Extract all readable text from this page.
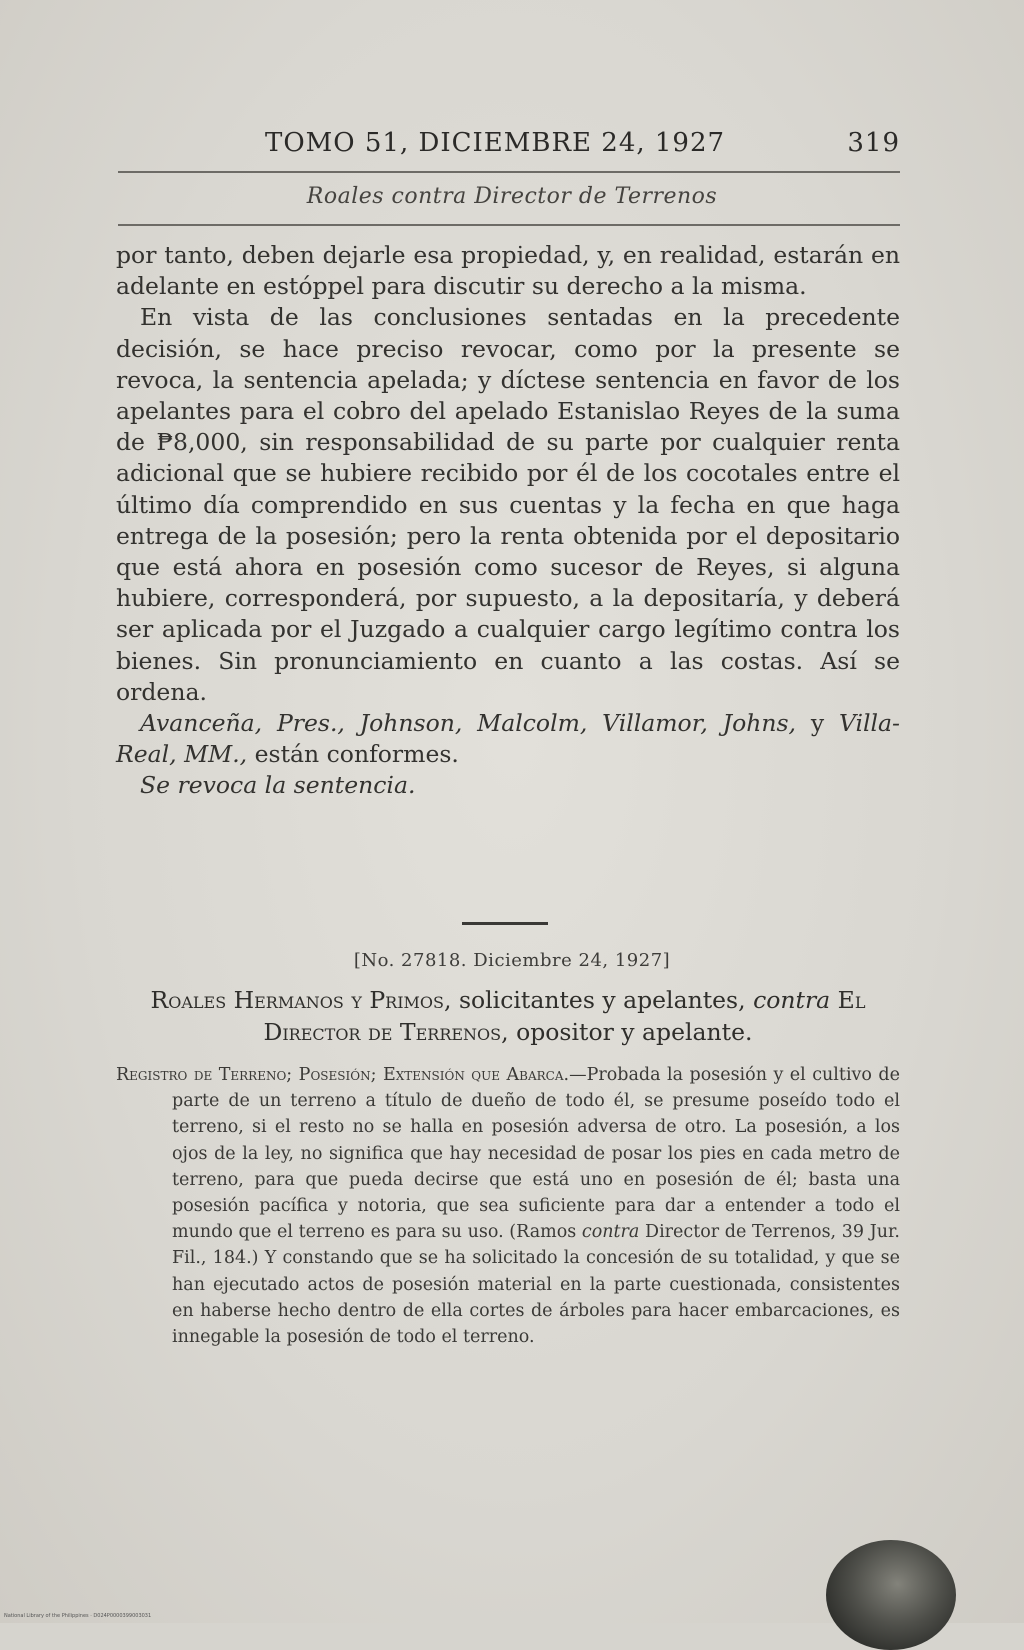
TOMO 51, DICIEMBRE 24, 1927	319
Roales contra Director de Terrenos

por tanto, deben dejarle esa propiedad, y, en realidad, estarán en adelante en estóppel para discutir su derecho a la misma.

En vista de las conclusiones sentadas en la precedente decisión, se hace preciso revocar, como por la presente se revoca, la sentencia apelada; y díctese sentencia en favor de los apelantes para el cobro del apelado Estanislao Reyes de la suma de ₱8,000, sin responsabilidad de su parte por cualquier renta adicional que se hubiere recibido por él de los cocotales entre el último día comprendido en sus cuentas y la fecha en que haga entrega de la posesión; pero la renta obtenida por el depositario que está ahora en posesión como sucesor de Reyes, si alguna hubiere, corresponderá, por supuesto, a la depositaría, y deberá ser aplicada por el Juzgado a cualquier cargo legítimo contra los bienes. Sin pronunciamiento en cuanto a las costas. Así se ordena.

Avanceña, Pres., Johnson, Malcolm, Villamor, Johns, y Villa-Real, MM., están conformes.

Se revoca la sentencia.

[No. 27818. Diciembre 24, 1927]
Roales Hermanos y Primos, solicitantes y apelantes, contra El Director de Terrenos, opositor y apelante.

Registro de Terreno; Posesión; Extensión que Abarca.—Probada la posesión y el cultivo de parte de un terreno a título de dueño de todo él, se presume poseído todo el terreno, si el resto no se halla en posesión adversa de otro. La posesión, a los ojos de la ley, no significa que hay necesidad de posar los pies en cada metro de terreno, para que pueda decirse que está uno en posesión de él; basta una posesión pacífica y notoria, que sea suficiente para dar a entender a todo el mundo que el terreno es para su uso. (Ramos contra Director de Terrenos, 39 Jur. Fil., 184.) Y constando que se ha solicitado la concesión de su totalidad, y que se han ejecutado actos de posesión material en la parte cuestionada, consistentes en haberse hecho dentro de ella cortes de árboles para hacer embarcaciones, es innegable la posesión de todo el terreno.

National Library of the Philippines · D024P0000399003031
